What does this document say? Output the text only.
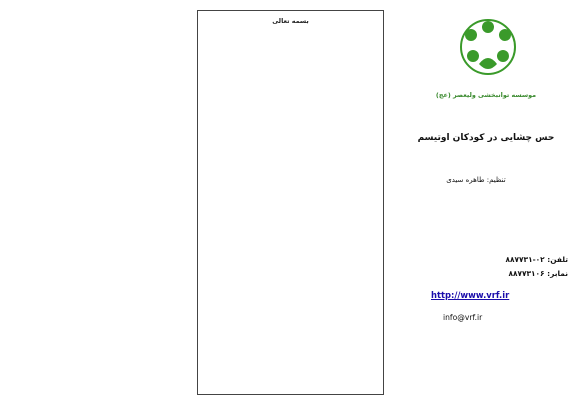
بسمه تعالی
موسسه توانبخشی ولیعصر (عج)
حس چشایی در کودکان اوتیسم
تنظیم: طاهره سیدی
تلفن: ۰۲-۸۸۷۷۳۱
نمابر: ۸۸۷۷۳۱۰۶
http://www.vrf.ir
info@vrf.ir
